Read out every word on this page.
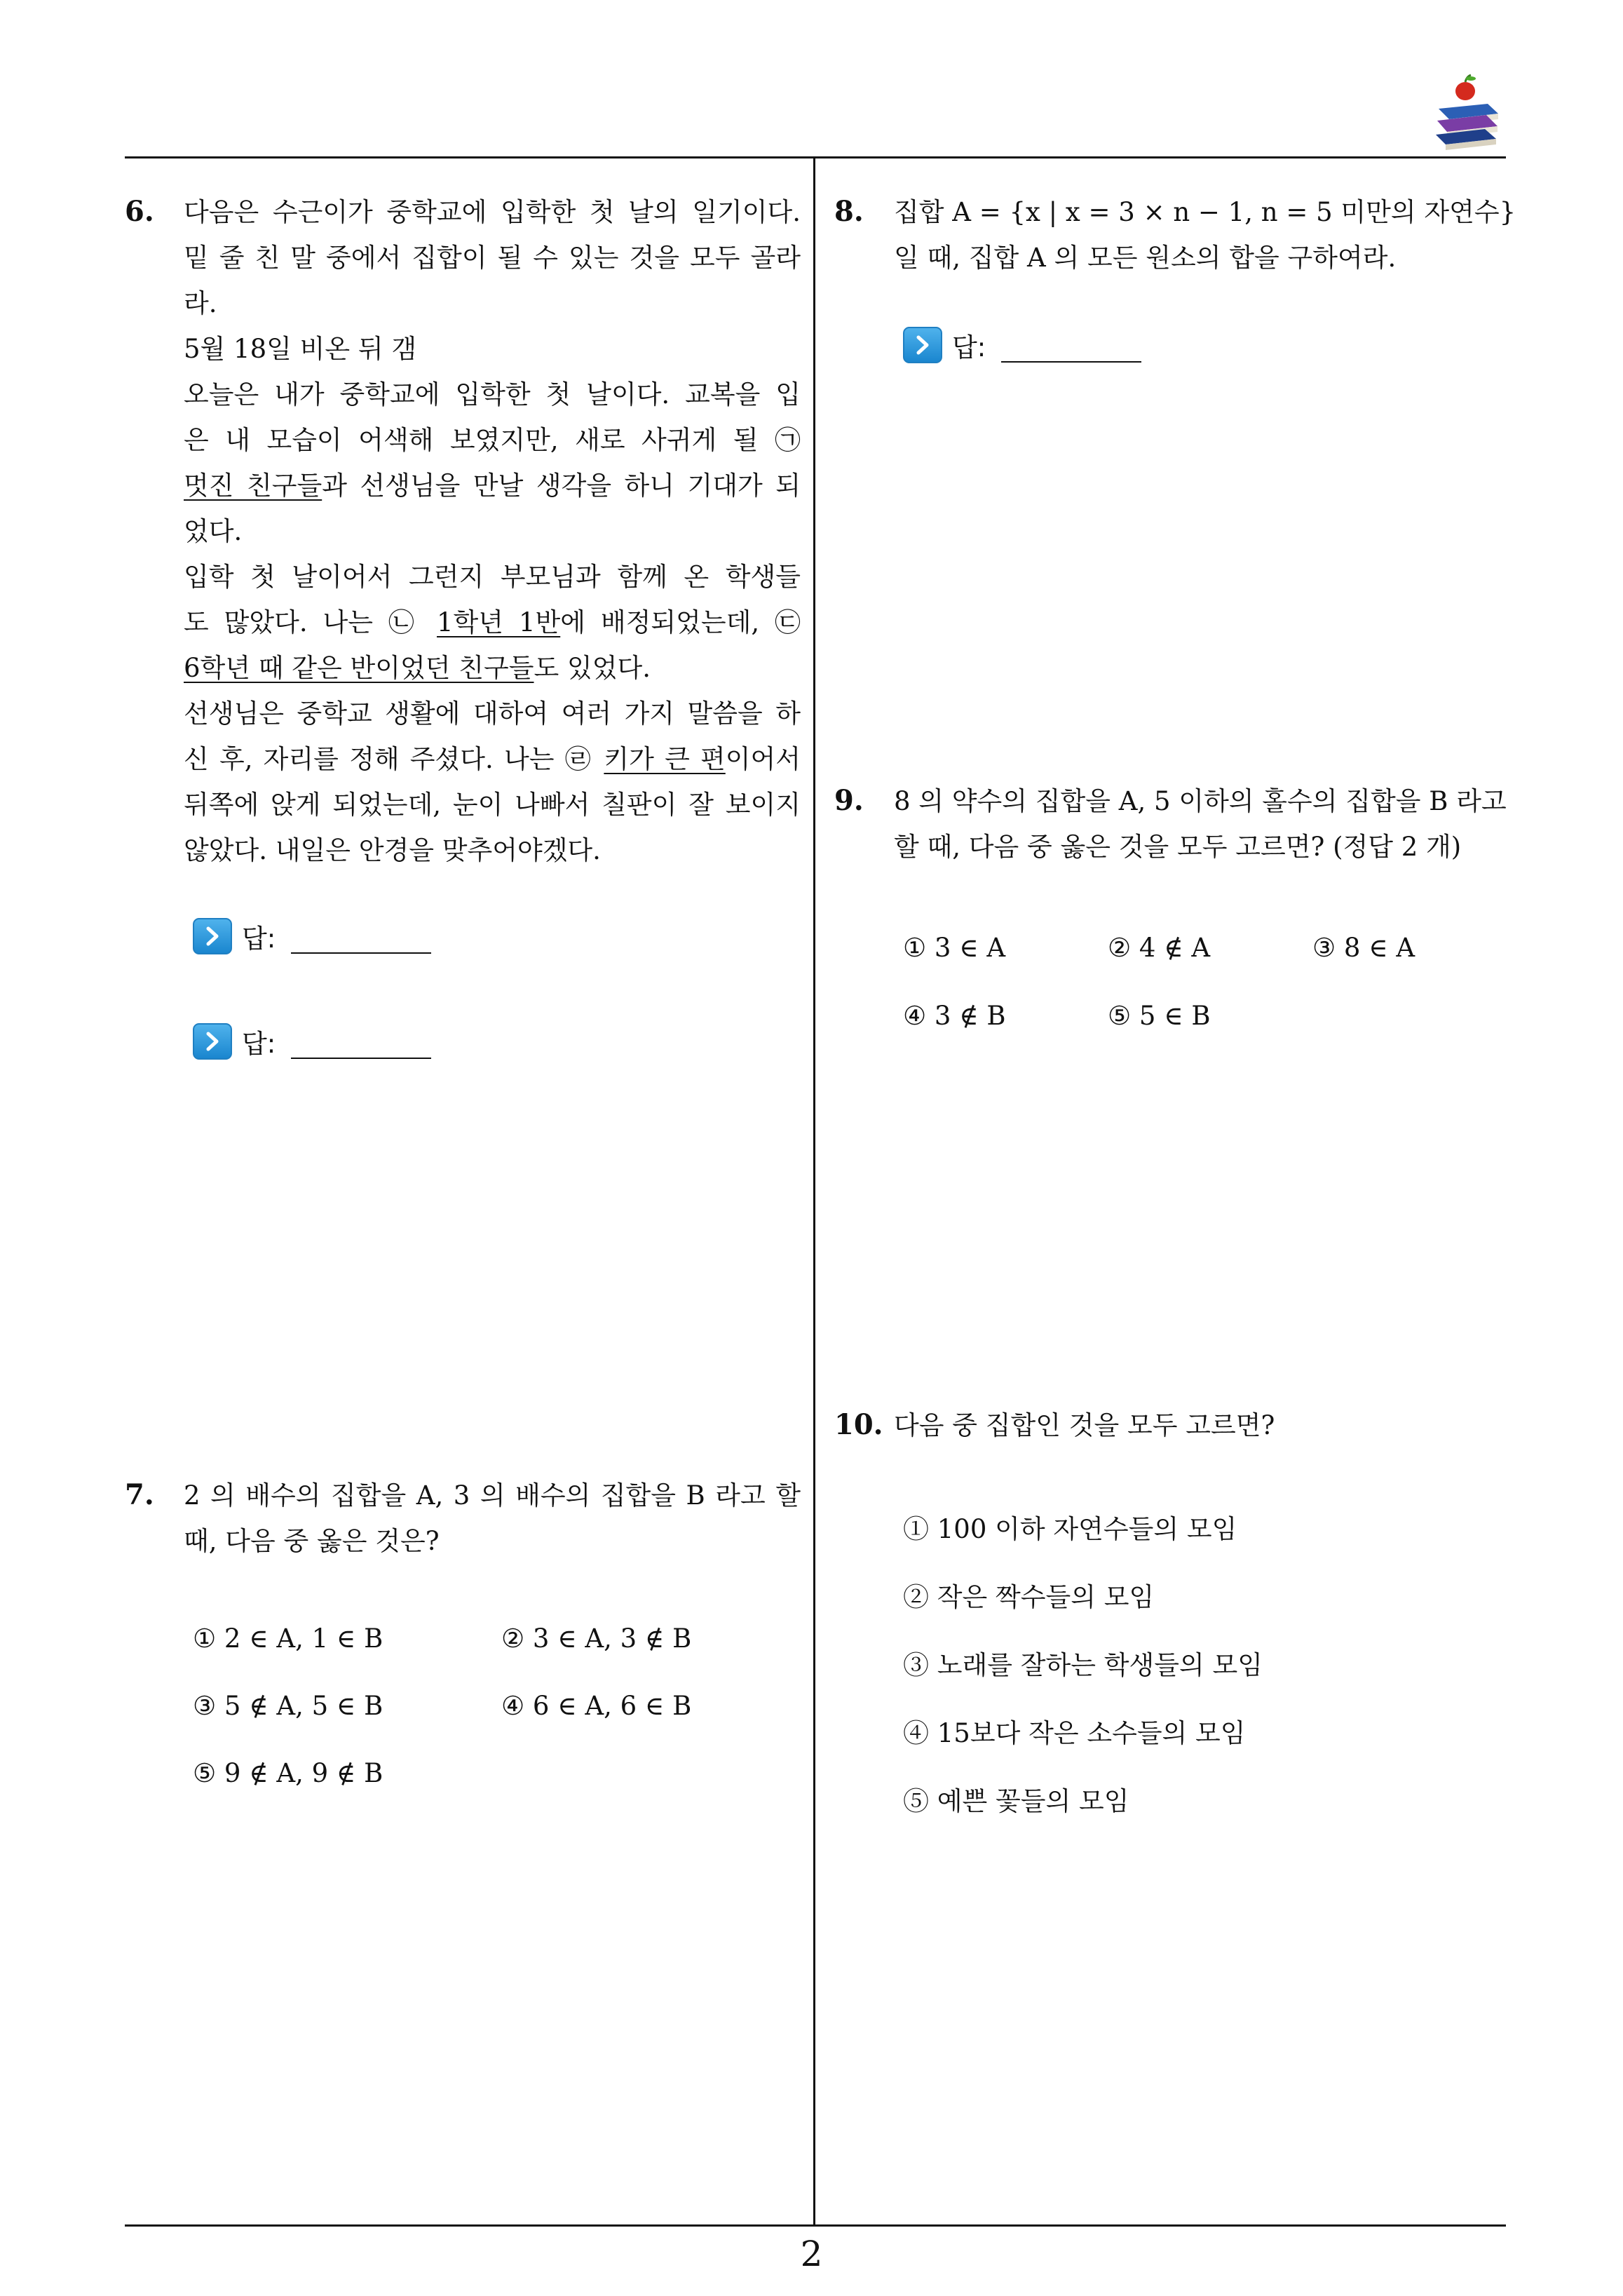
6. 다음은 수근이가 중학교에 입학한 첫 날의 일기이다.
밑 줄 친 말 중에서 집합이 될 수 있는 것을 모두 골라
라.
5월 18일 비온 뒤 갬
오늘은 내가 중학교에 입학한 첫 날이다. 교복을 입
은 내 모습이 어색해 보였지만, 새로 사귀게 될 ㉠
멋진 친구들과 선생님을 만날 생각을 하니 기대가 되
었다.
입학 첫 날이어서 그런지 부모님과 함께 온 학생들
도 많았다. 나는 ㉡ 1학년 1반에 배정되었는데, ㉢
6학년 때 같은 반이었던 친구들도 있었다.
선생님은 중학교 생활에 대하여 여러 가지 말씀을 하
신 후, 자리를 정해 주셨다. 나는 ㉣ 키가 큰 편이어서
뒤쪽에 앉게 되었는데, 눈이 나빠서 칠판이 잘 보이지
않았다. 내일은 안경을 맞추어야겠다.
답:
답:
7. 2 의 배수의 집합을 A, 3 의 배수의 집합을 B 라고 할
때, 다음 중 옳은 것은?
① 2 ∈ A, 1 ∈ B	② 3 ∈ A, 3 ∉ B
③ 5 ∉ A, 5 ∈ B	④ 6 ∈ A, 6 ∈ B
⑤ 9 ∉ A, 9 ∉ B
8. 집합 A = {x | x = 3 × n − 1, n = 5 미만의 자연수}
일 때, 집합 A 의 모든 원소의 합을 구하여라.
답:
9. 8 의 약수의 집합을 A, 5 이하의 홀수의 집합을 B 라고
할 때, 다음 중 옳은 것을 모두 고르면? (정답 2 개)
① 3 ∈ A	② 4 ∉ A	③ 8 ∈ A
④ 3 ∉ B	⑤ 5 ∈ B
10. 다음 중 집합인 것을 모두 고르면?
① 100 이하 자연수들의 모임
② 작은 짝수들의 모임
③ 노래를 잘하는 학생들의 모임
④ 15보다 작은 소수들의 모임
⑤ 예쁜 꽃들의 모임
2
